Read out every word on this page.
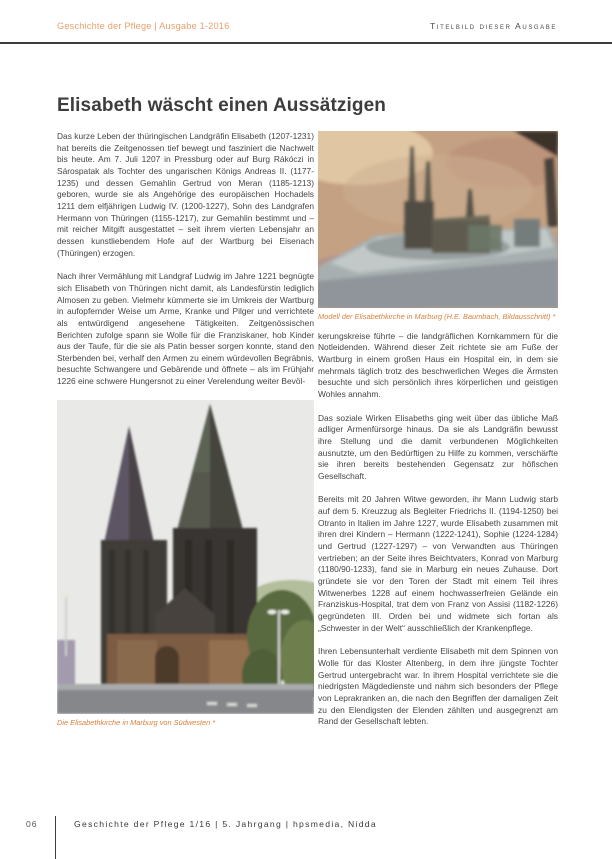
Geschichte der Pflege | Ausgabe 1-2016	Titelbild dieser Ausgabe
Elisabeth wäscht einen Aussätzigen

Das kurze Leben der thüringischen Landgräfin Elisabeth (1207-1231) hat bereits die Zeitgenossen tief bewegt und fasziniert die Nachwelt bis heute. Am 7. Juli 1207 in Pressburg oder auf Burg Rákóczi in Sárospatak als Tochter des ungarischen Königs Andreas II. (1177-1235) und dessen Gemahlin Gertrud von Meran (1185-1213) geboren, wurde sie als Angehörige des europäischen Hochadels 1211 dem elfjährigen Ludwig IV. (1200-1227), Sohn des Landgrafen Hermann von Thüringen (1155-1217), zur Gemahlin bestimmt und – mit reicher Mitgift ausgestattet – seit ihrem vierten Lebensjahr an dessen kunstliebendem Hofe auf der Wartburg bei Eisenach (Thüringen) erzogen.

Nach ihrer Vermählung mit Landgraf Ludwig im Jahre 1221 begnügte sich Elisabeth von Thüringen nicht damit, als Landesfürstin lediglich Almosen zu geben. Vielmehr kümmerte sie im Umkreis der Wartburg in aufopfernder Weise um Arme, Kranke und Pilger und verrichtete als entwürdigend angesehene Tätigkeiten. Zeitgenössischen Berichten zufolge spann sie Wolle für die Franziskaner, hob Kinder aus der Taufe, für die sie als Patin besser sorgen konnte, stand den Sterbenden bei, verhalf den Armen zu einem würdevollen Begräbnis, besuchte Schwangere und Gebärende und öffnete – als im Frühjahr 1226 eine schwere Hungersnot zu einer Verelendung weiter Bevöl-

Die Elisabethkirche in Marburg von Südwesten *
Modell der Elisabethkirche in Marburg (H.E. Baumbach, Bildausschnitt) *

kerungskreise führte – die landgräflichen Kornkammern für die Notleidenden. Während dieser Zeit richtete sie am Fuße der Wartburg in einem großen Haus ein Hospital ein, in dem sie mehrmals täglich trotz des beschwerlichen Weges die Ärmsten besuchte und sich persönlich ihres körperlichen und geistigen Wohles annahm.

Das soziale Wirken Elisabeths ging weit über das übliche Maß adliger Armenfürsorge hinaus. Da sie als Landgräfin bewusst ihre Stellung und die damit verbundenen Möglichkeiten ausnutzte, um den Bedürftigen zu Hilfe zu kommen, verschärfte sie ihren bereits bestehenden Gegensatz zur höfischen Gesellschaft.

Bereits mit 20 Jahren Witwe geworden, ihr Mann Ludwig starb auf dem 5. Kreuzzug als Begleiter Friedrichs II. (1194-1250) bei Otranto in Italien im Jahre 1227, wurde Elisabeth zusammen mit ihren drei Kindern – Hermann (1222-1241), Sophie (1224-1284) und Gertrud (1227-1297) – von Verwandten aus Thüringen vertrieben; an der Seite ihres Beichtvaters, Konrad von Marburg (1180/90-1233), fand sie in Marburg ein neues Zuhause. Dort gründete sie vor den Toren der Stadt mit einem Teil ihres Witwenerbes 1228 auf einem hochwasserfreien Gelände ein Franziskus-Hospital, trat dem von Franz von Assisi (1182-1226) gegründeten III. Orden bei und widmete sich fortan als „Schwester in der Welt“ ausschließlich der Krankenpflege.

Ihren Lebensunterhalt verdiente Elisabeth mit dem Spinnen von Wolle für das Kloster Altenberg, in dem ihre jüngste Tochter Gertrud untergebracht war. In ihrem Hospital verrichtete sie die niedrigsten Mägdedienste und nahm sich besonders der Pflege von Leprakranken an, die nach den Begriffen der damaligen Zeit zu den Elendigsten der Elenden zählten und ausgegrenzt am Rand der Gesellschaft lebten.

06	Geschichte der Pflege 1/16 | 5. Jahrgang | hpsmedia, Nidda
